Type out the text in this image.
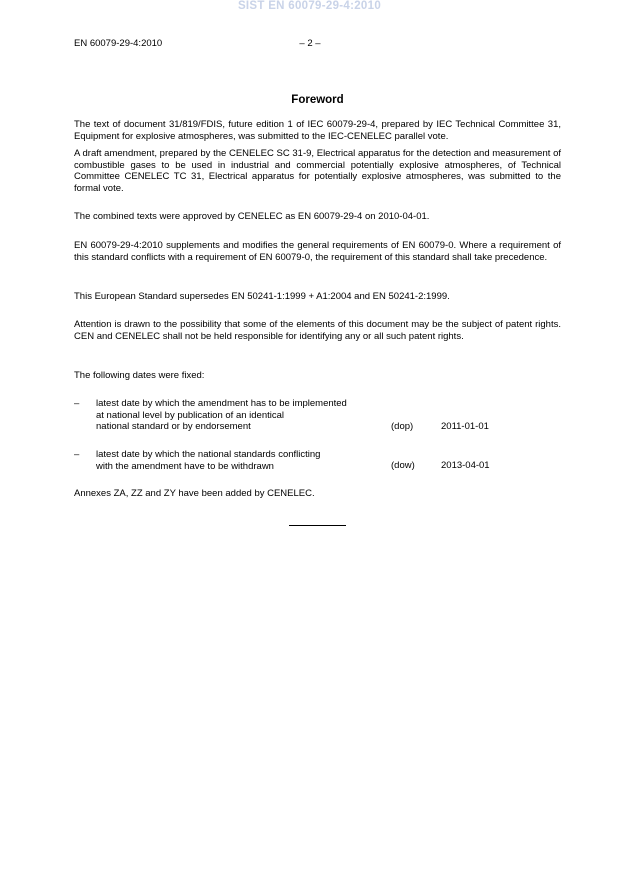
SIST EN 60079-29-4:2010
EN 60079-29-4:2010	– 2 –
Foreword

The text of document 31/819/FDIS, future edition 1 of IEC 60079-29-4, prepared by IEC Technical Committee 31, Equipment for explosive atmospheres, was submitted to the IEC-CENELEC parallel vote.

A draft amendment, prepared by the CENELEC SC 31-9, Electrical apparatus for the detection and measurement of combustible gases to be used in industrial and commercial potentially explosive atmospheres, of Technical Committee CENELEC TC 31, Electrical apparatus for potentially explosive atmospheres, was submitted to the formal vote.

The combined texts were approved by CENELEC as EN 60079-29-4 on 2010-04-01.

EN 60079-29-4:2010 supplements and modifies the general requirements of EN 60079-0. Where a requirement of this standard conflicts with a requirement of EN 60079-0, the requirement of this standard shall take precedence.

This European Standard supersedes EN 50241-1:1999 + A1:2004 and EN 50241-2:1999.

Attention is drawn to the possibility that some of the elements of this document may be the subject of patent rights. CEN and CENELEC shall not be held responsible for identifying any or all such patent rights.

The following dates were fixed:

– latest date by which the amendment has to be implemented
at national level by publication of an identical
national standard or by endorsement	(dop)	2011-01-01
– latest date by which the national standards conflicting
with the amendment have to be withdrawn	(dow)	2013-04-01

Annexes ZA, ZZ and ZY have been added by CENELEC.
